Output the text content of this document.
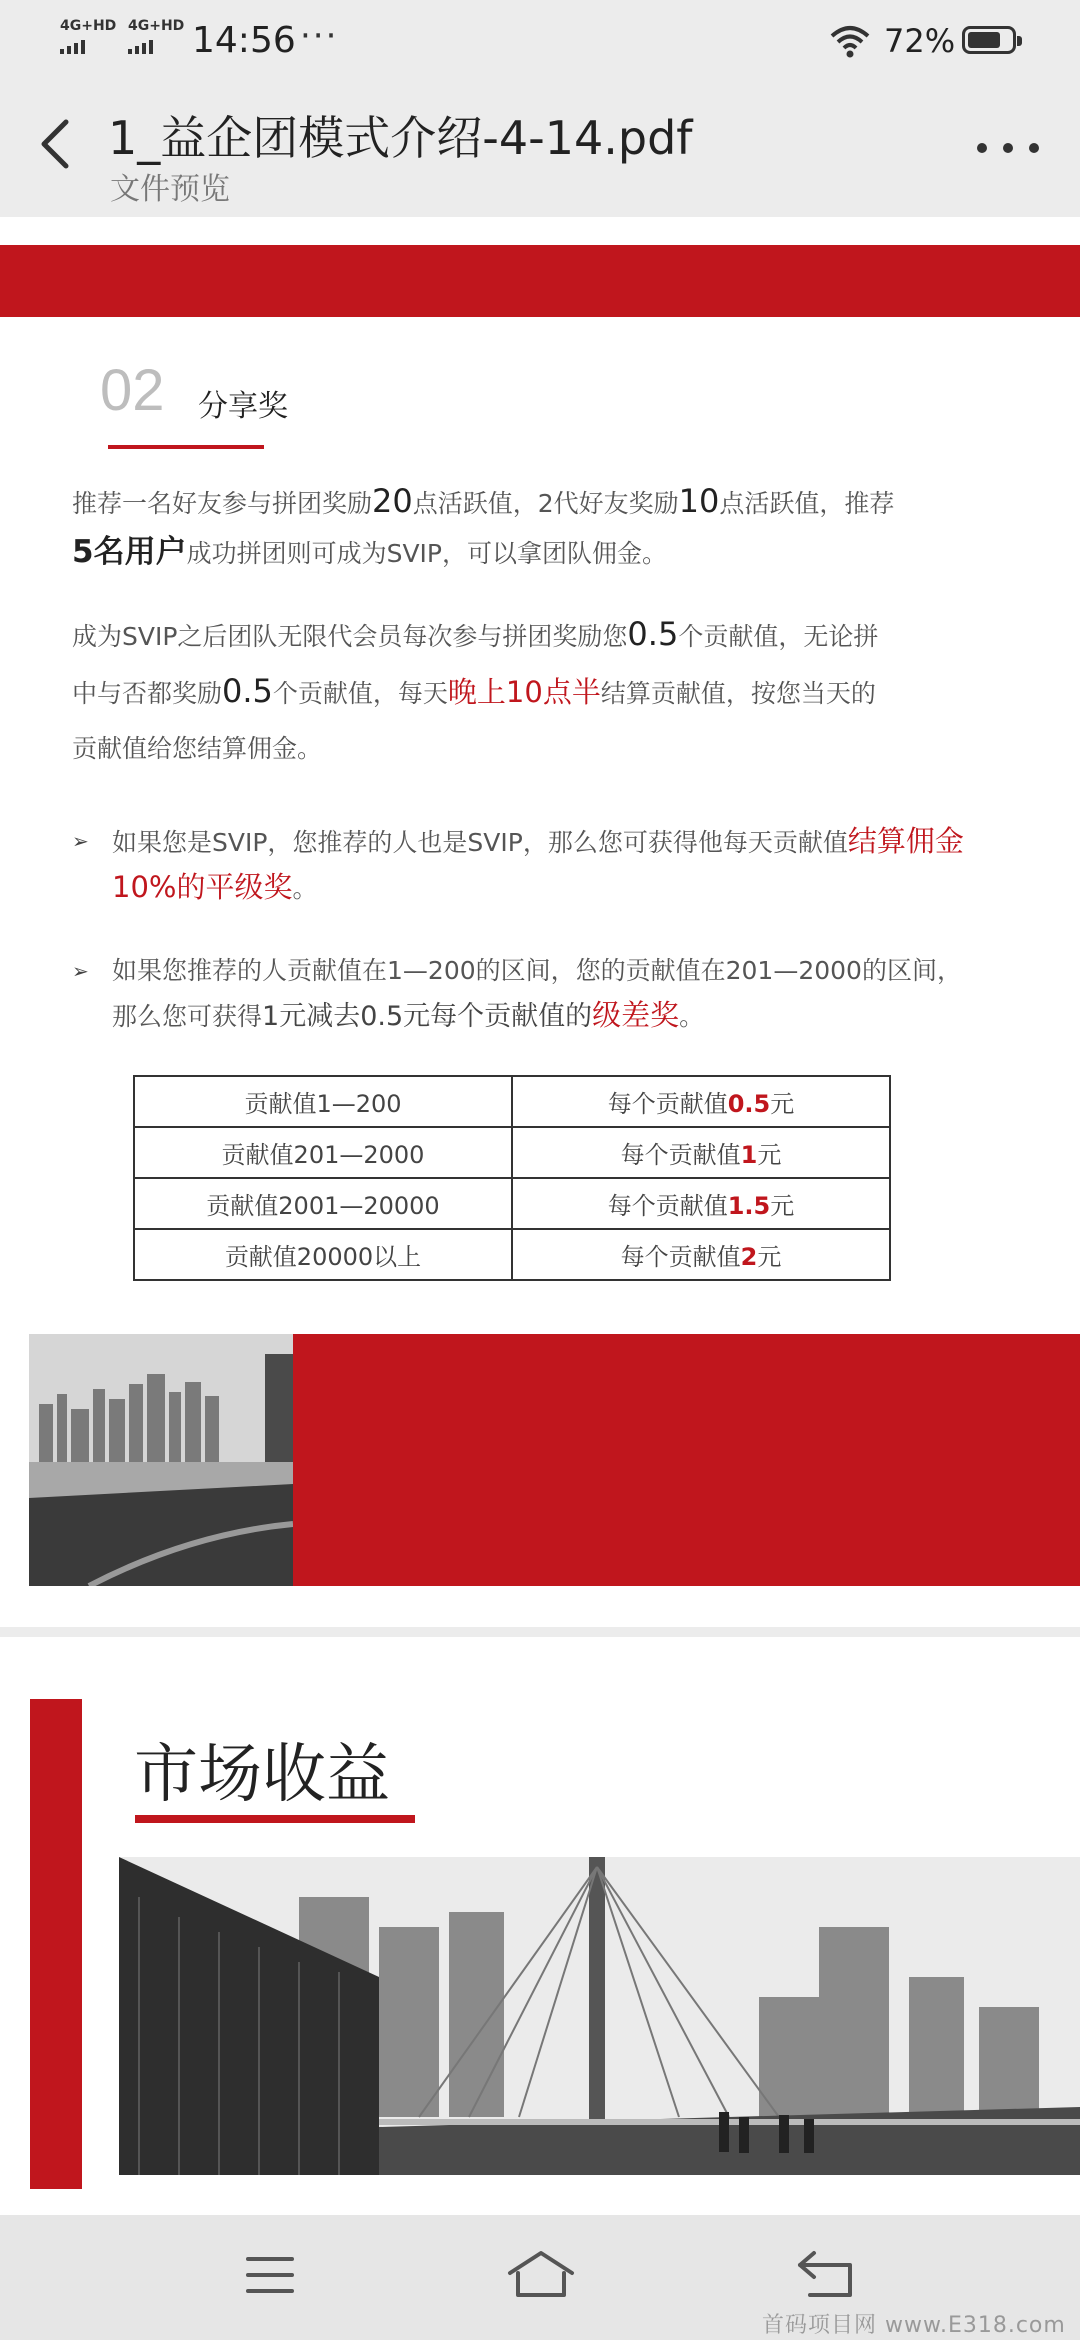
4G+HD 4G+HD 14:56 ···	72%
1_益企团模式介绍-4-14.pdf
文件预览
02 分享奖
推荐一名好友参与拼团奖励20点活跃值，2代好友奖励10点活跃值，推荐
5名用户成功拼团则可成为SVIP，可以拿团队佣金。
成为SVIP之后团队无限代会员每次参与拼团奖励您0.5个贡献值，无论拼
中与否都奖励0.5个贡献值，每天晚上10点半结算贡献值，按您当天的
贡献值给您结算佣金。
➢ 如果您是SVIP，您推荐的人也是SVIP，那么您可获得他每天贡献值结算佣金10%的平级奖。
➢ 如果您推荐的人贡献值在1—200的区间，您的贡献值在201—2000的区间，那么您可获得1元减去0.5元每个贡献值的级差奖。
贡献值1—200	每个贡献值0.5元
贡献值201—2000	每个贡献值1元
贡献值2001—20000	每个贡献值1.5元
贡献值20000以上	每个贡献值2元
市场收益
首码项目网 www.E318.com
